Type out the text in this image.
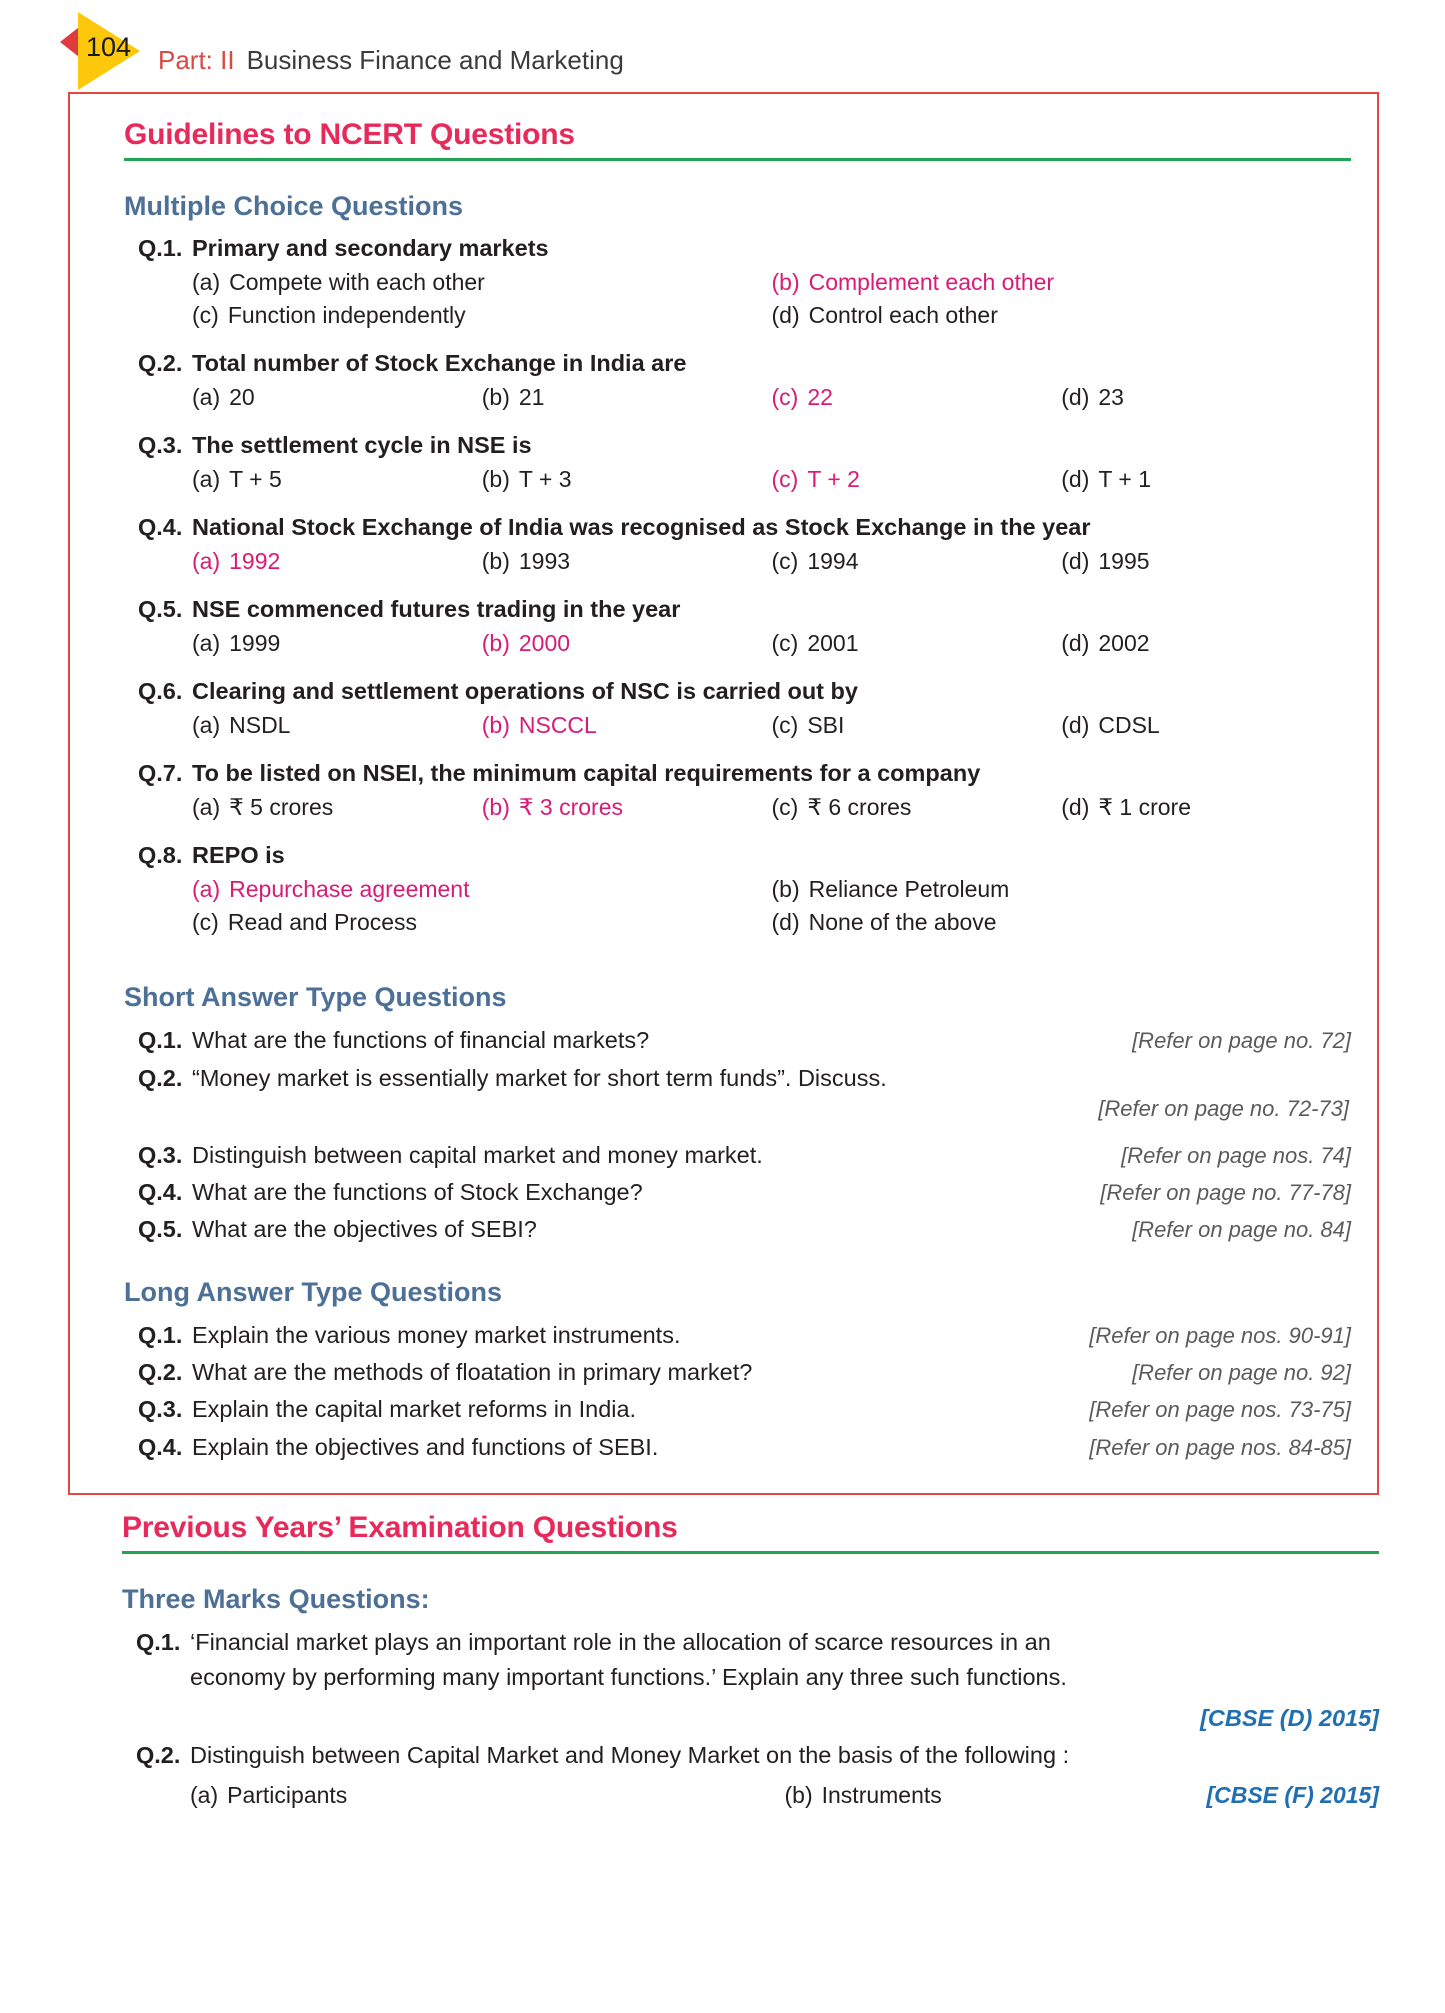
104 Part: II Business Finance and Marketing
Guidelines to NCERT Questions
Multiple Choice Questions
Q.1. Primary and secondary markets
(a) Compete with each other	(b) Complement each other
(c) Function independently	(d) Control each other
Q.2. Total number of Stock Exchange in India are
(a) 20	(b) 21	(c) 22	(d) 23
Q.3. The settlement cycle in NSE is
(a) T + 5	(b) T + 3	(c) T + 2	(d) T + 1
Q.4. National Stock Exchange of India was recognised as Stock Exchange in the year
(a) 1992	(b) 1993	(c) 1994	(d) 1995
Q.5. NSE commenced futures trading in the year
(a) 1999	(b) 2000	(c) 2001	(d) 2002
Q.6. Clearing and settlement operations of NSC is carried out by
(a) NSDL	(b) NSCCL	(c) SBI	(d) CDSL
Q.7. To be listed on NSEI, the minimum capital requirements for a company
(a) ₹ 5 crores	(b) ₹ 3 crores	(c) ₹ 6 crores	(d) ₹ 1 crore
Q.8. REPO is
(a) Repurchase agreement	(b) Reliance Petroleum
(c) Read and Process	(d) None of the above
Short Answer Type Questions
Q.1. What are the functions of financial markets?	[Refer on page no. 72]
Q.2. “Money market is essentially market for short term funds”. Discuss.
[Refer on page no. 72-73]
Q.3. Distinguish between capital market and money market.	[Refer on page nos. 74]
Q.4. What are the functions of Stock Exchange?	[Refer on page no. 77-78]
Q.5. What are the objectives of SEBI?	[Refer on page no. 84]
Long Answer Type Questions
Q.1. Explain the various money market instruments.	[Refer on page nos. 90-91]
Q.2. What are the methods of floatation in primary market?	[Refer on page no. 92]
Q.3. Explain the capital market reforms in India.	[Refer on page nos. 73-75]
Q.4. Explain the objectives and functions of SEBI.	[Refer on page nos. 84-85]
Previous Years’ Examination Questions
Three Marks Questions:
Q.1. ‘Financial market plays an important role in the allocation of scarce resources in an

economy by performing many important functions.’ Explain any three such functions.

[CBSE (D) 2015]
Q.2. Distinguish between Capital Market and Money Market on the basis of the following :

(a) Participants	(b) Instruments	[CBSE (F) 2015]
